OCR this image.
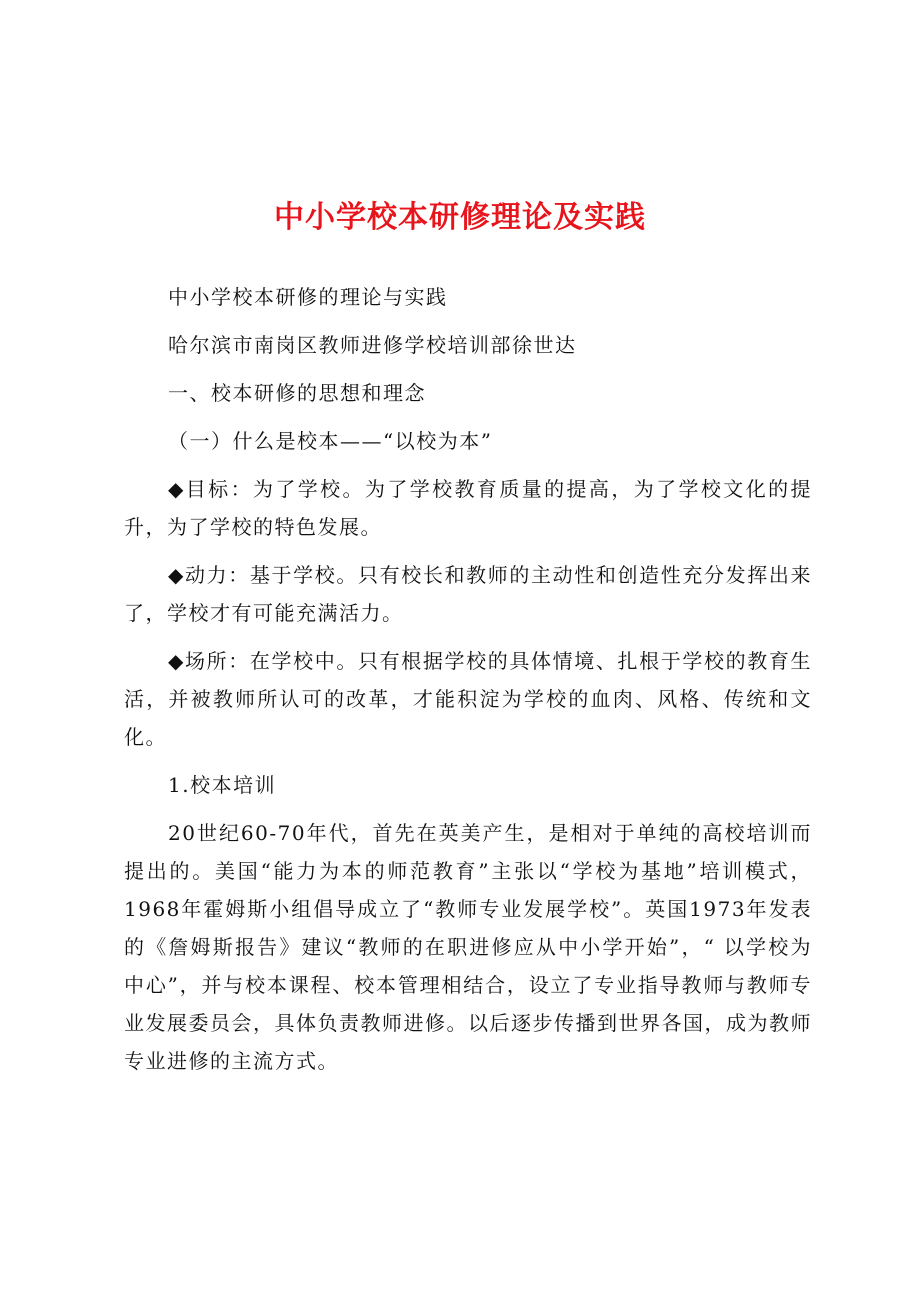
中小学校本研修理论及实践

中小学校本研修的理论与实践

哈尔滨市南岗区教师进修学校培训部徐世达

一、校本研修的思想和理念

（一）什么是校本——“以校为本”

◆目标：为了学校。为了学校教育质量的提高，为了学校文化的提升，为了学校的特色发展。

◆动力：基于学校。只有校长和教师的主动性和创造性充分发挥出来了，学校才有可能充满活力。

◆场所：在学校中。只有根据学校的具体情境、扎根于学校的教育生活，并被教师所认可的改革，才能积淀为学校的血肉、风格、传统和文化。

1.校本培训

20世纪60-70年代，首先在英美产生，是相对于单纯的高校培训而提出的。美国“能力为本的师范教育”主张以“学校为基地”培训模式，1968年霍姆斯小组倡导成立了“教师专业发展学校”。英国1973年发表的《詹姆斯报告》建议“教师的在职进修应从中小学开始”，“ 以学校为中心”，并与校本课程、校本管理相结合，设立了专业指导教师与教师专业发展委员会，具体负责教师进修。以后逐步传播到世界各国，成为教师专业进修的主流方式。
